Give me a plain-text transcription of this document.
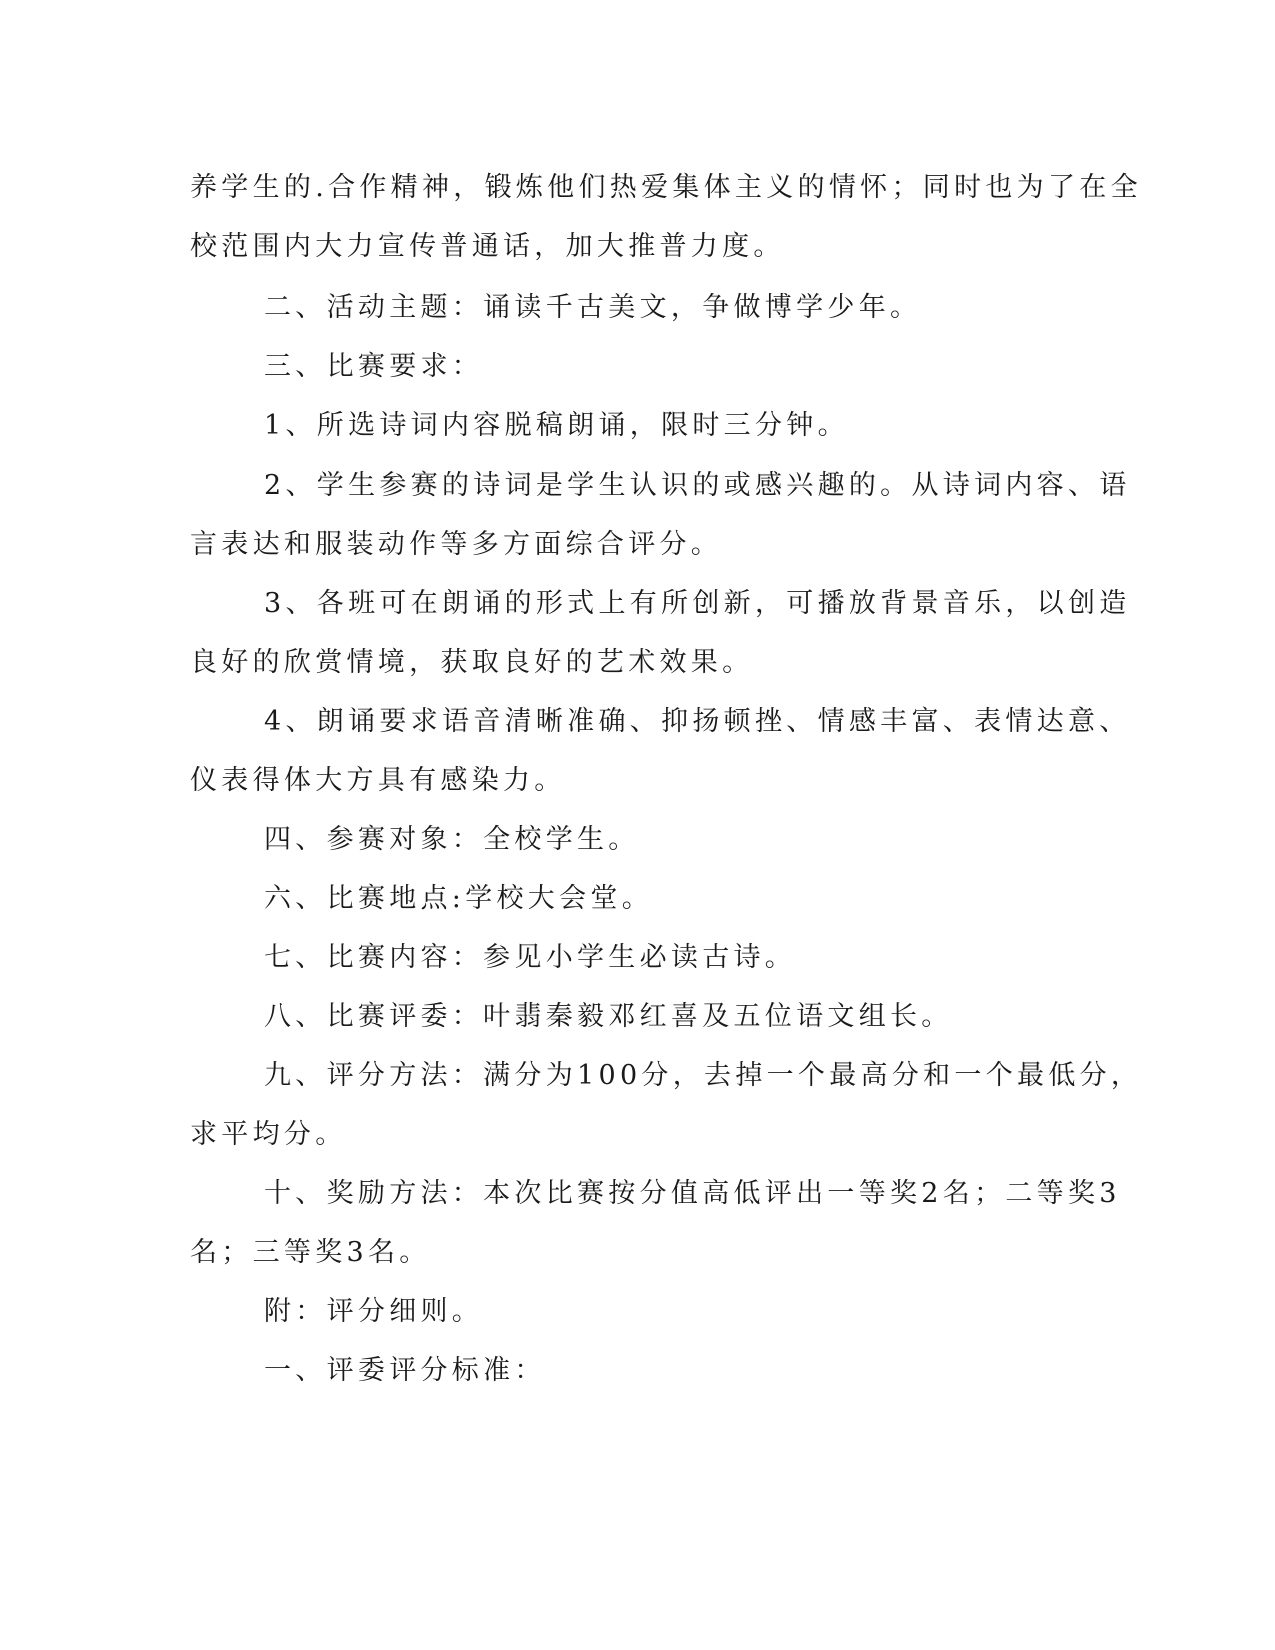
养学生的.合作精神，锻炼他们热爱集体主义的情怀；同时也为了在全

校范围内大力宣传普通话，加大推普力度。

二、活动主题：诵读千古美文，争做博学少年。

三、比赛要求：

1、所选诗词内容脱稿朗诵，限时三分钟。

2、学生参赛的诗词是学生认识的或感兴趣的。从诗词内容、语

言表达和服装动作等多方面综合评分。

3、各班可在朗诵的形式上有所创新，可播放背景音乐，以创造

良好的欣赏情境，获取良好的艺术效果。

4、朗诵要求语音清晰准确、抑扬顿挫、情感丰富、表情达意、

仪表得体大方具有感染力。

四、参赛对象：全校学生。

六、比赛地点:学校大会堂。

七、比赛内容：参见小学生必读古诗。

八、比赛评委：叶翡秦毅邓红喜及五位语文组长。

九、评分方法：满分为100分，去掉一个最高分和一个最低分，

求平均分。

十、奖励方法：本次比赛按分值高低评出一等奖2名；二等奖3

名；三等奖3名。

附：评分细则。

一、评委评分标准：
